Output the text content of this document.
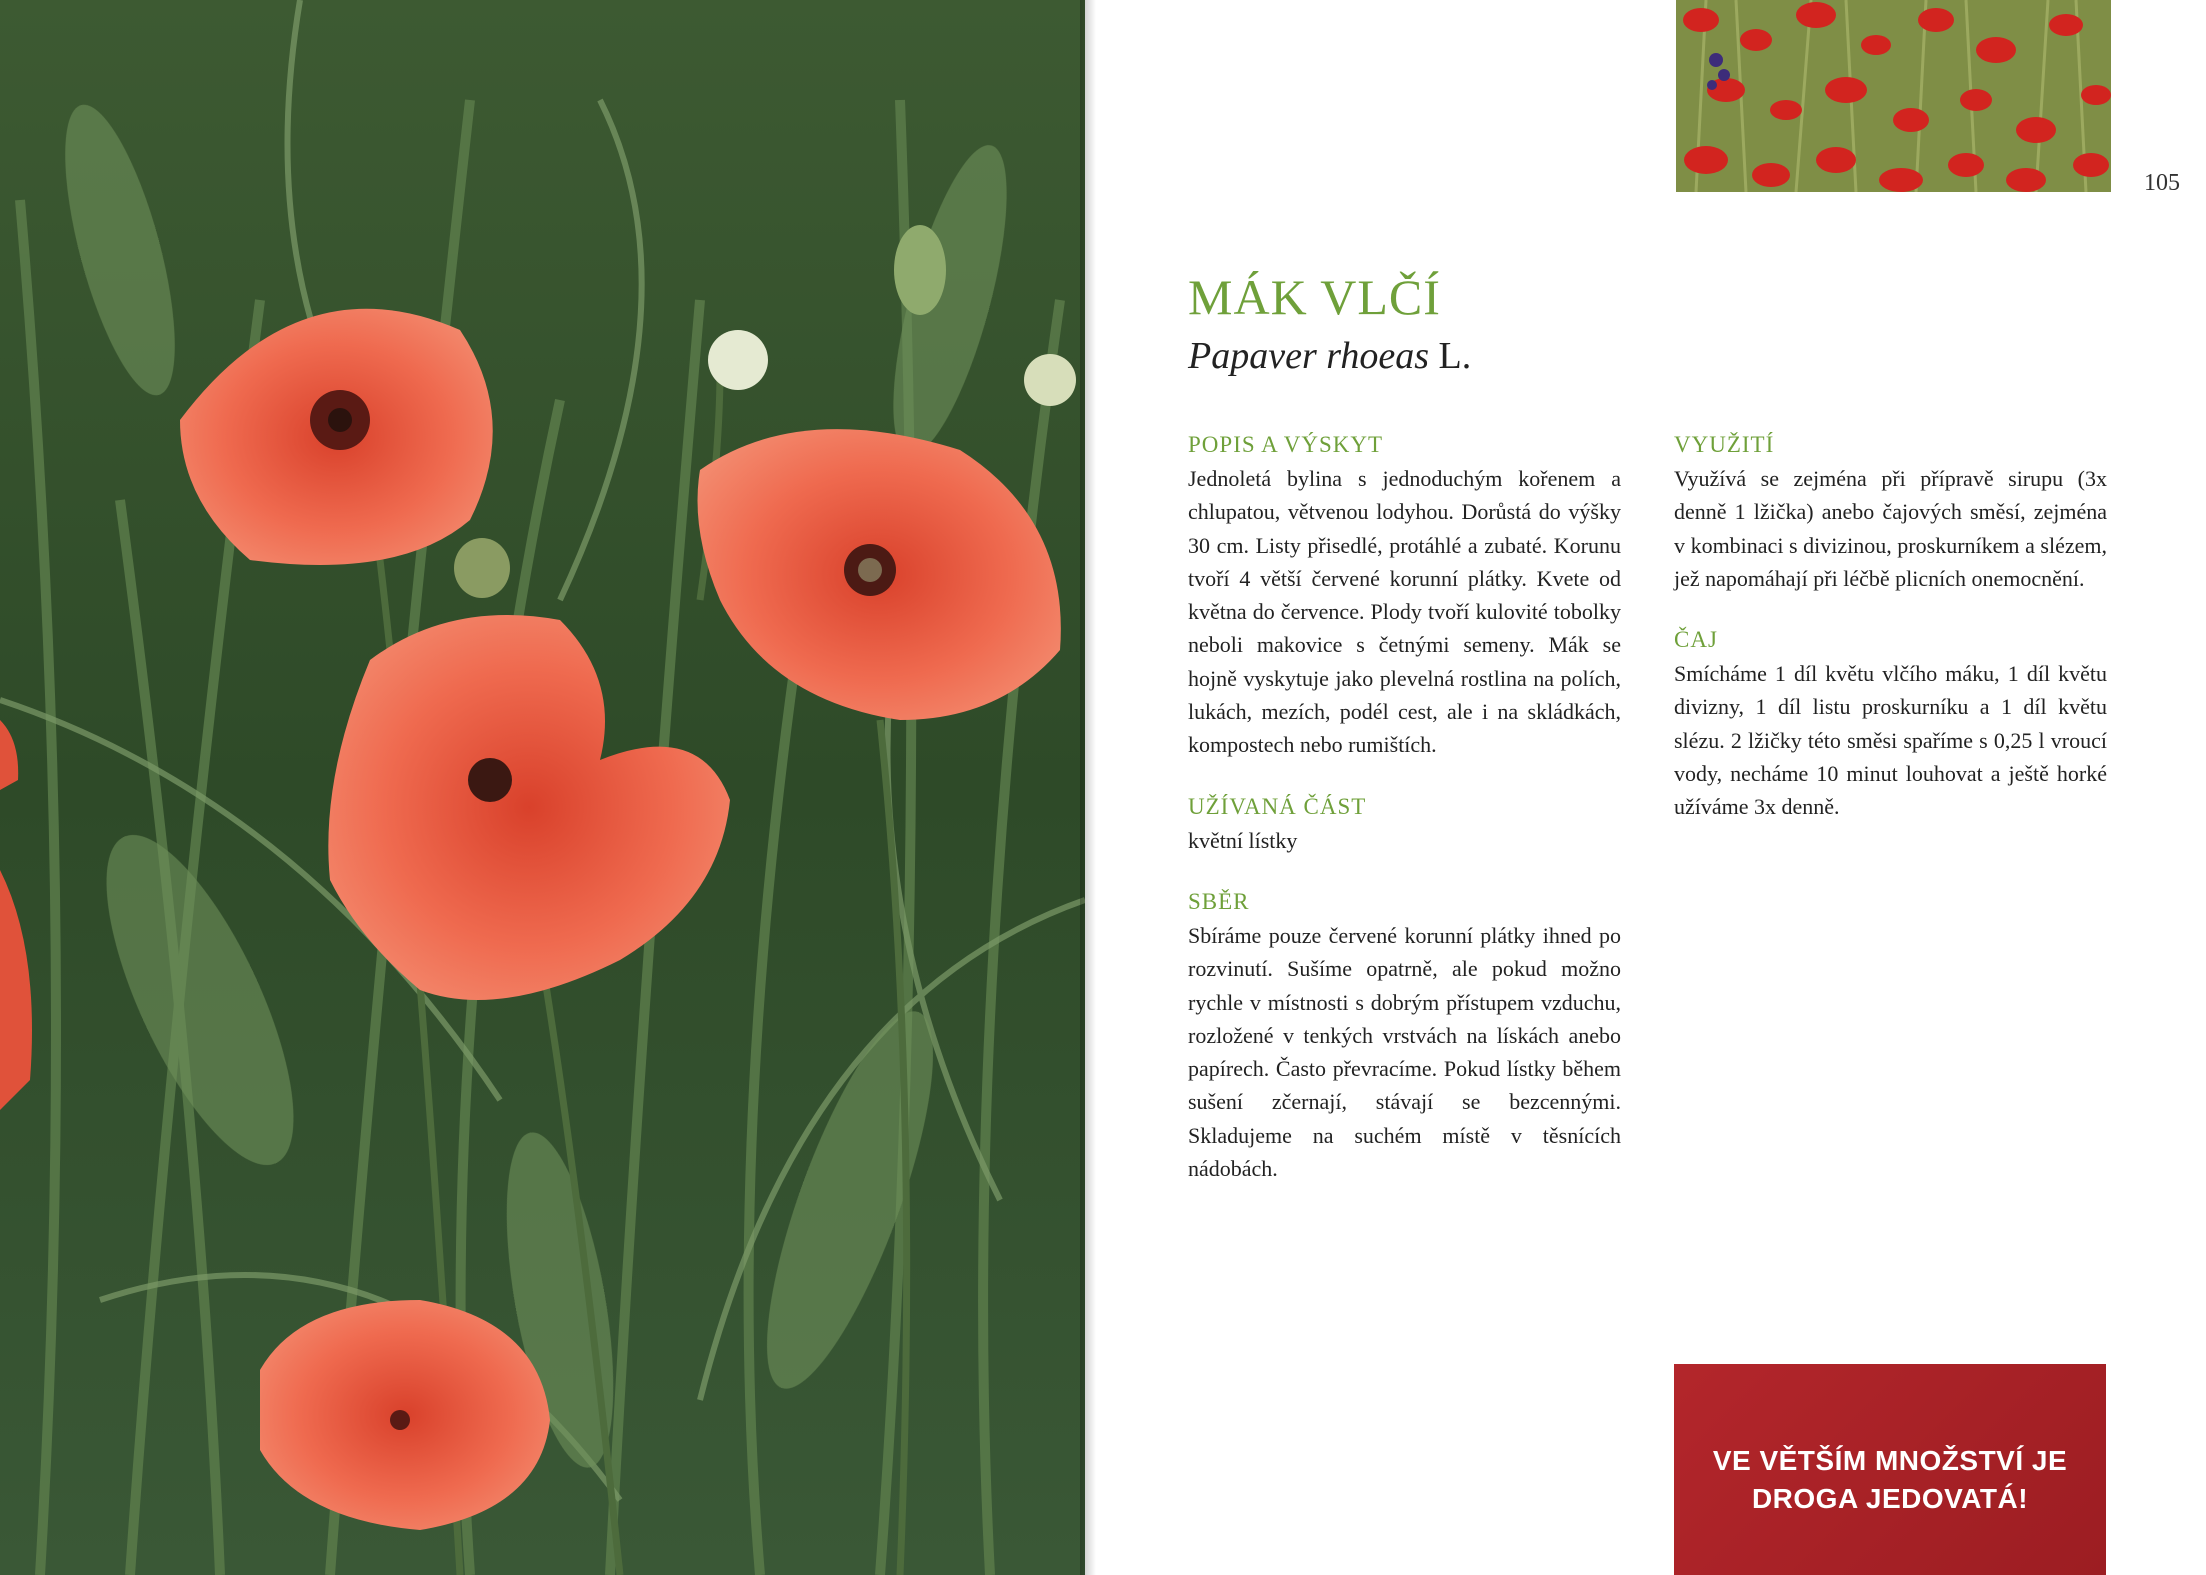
105
MÁK VLČÍ
Papaver rhoeas L.
POPIS A VÝSKYT

Jednoletá bylina s jednoduchým kořenem a chlupatou, větvenou lodyhou. Dorůstá do výšky 30 cm. Listy přisedlé, protáhlé a zubaté. Korunu tvoří 4 větší červené korunní plátky. Kvete od května do července. Plody tvoří kulovité tobolky neboli makovice s četnými semeny. Mák se hojně vyskytuje jako plevelná rostlina na polích, lukách, mezích, podél cest, ale i na skládkách, kompostech nebo rumištích.

UŽÍVANÁ ČÁST

květní lístky

SBĚR

Sbíráme pouze červené korunní plátky ihned po rozvinutí. Sušíme opatrně, ale pokud možno rychle v místnosti s dobrým přístupem vzduchu, rozložené v tenkých vrstvách na lískách anebo papírech. Často převracíme. Pokud lístky během sušení zčernají, stávají se bezcennými. Skladujeme na suchém místě v těsnících nádobách.

VYUŽITÍ

Využívá se zejména při přípravě sirupu (3x denně 1 lžička) anebo čajových směsí, zejména v kombinaci s divizinou, proskurníkem a slézem, jež napomáhají při léčbě plicních onemocnění.

ČAJ

Smícháme 1 díl květu vlčího máku, 1 díl květu divizny, 1 díl listu proskurníku a 1 díl květu slézu. 2 lžičky této směsi spaříme s 0,25 l vroucí vody, necháme 10 minut louhovat a ještě horké užíváme 3x denně.

VE VĚTŠÍM MNOŽSTVÍ JE
DROGA JEDOVATÁ!
